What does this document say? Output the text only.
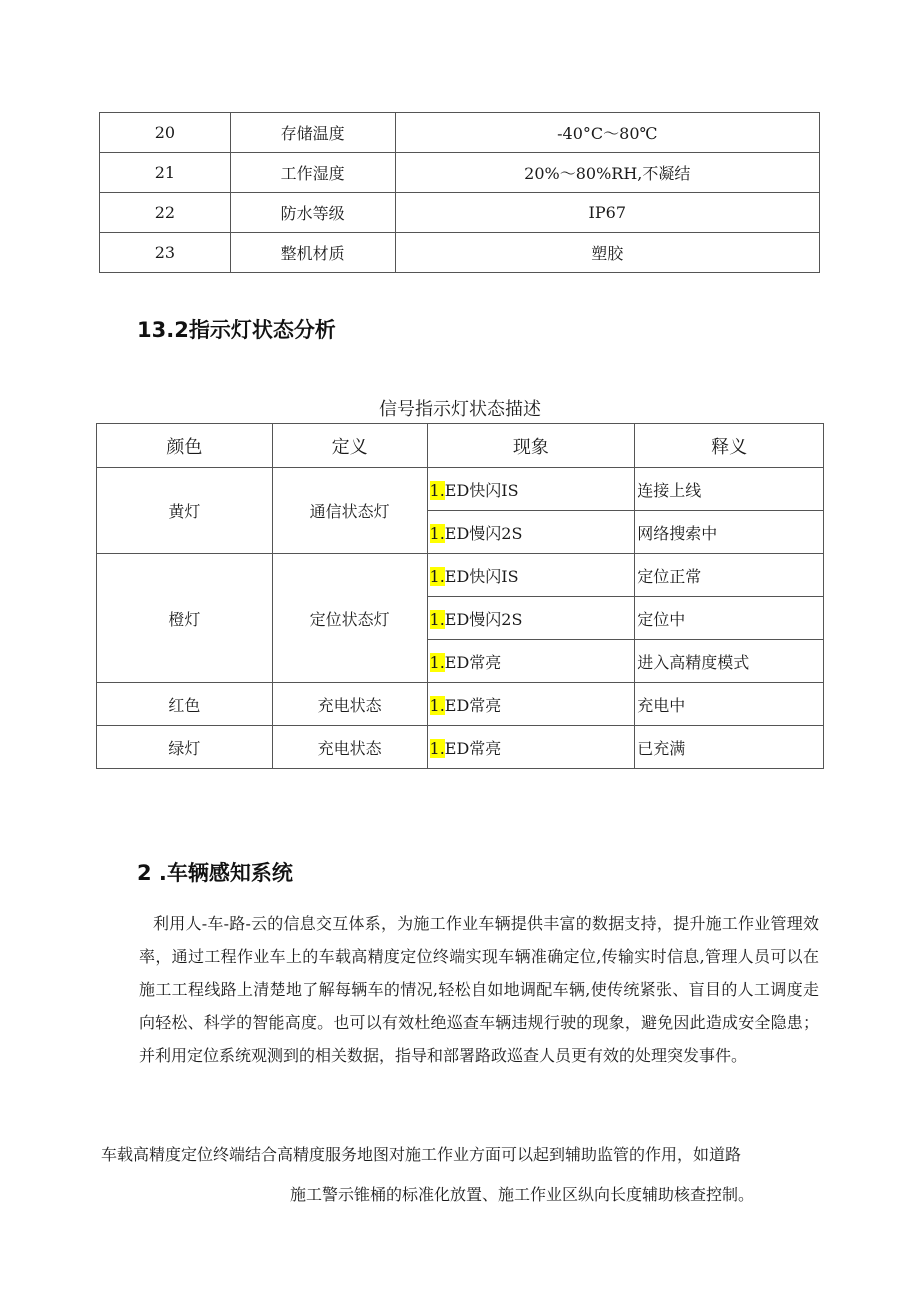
20	存储温度	-40°C～80℃
21	工作湿度	20%～80%RH,不凝结
22	防水等级	IP67
23	整机材质	塑胶
13.2指示灯状态分析
信号指示灯状态描述
颜色	定义	现象	释义
黄灯	通信状态灯	1.ED快闪IS	连接上线
		1.ED慢闪2S	网络搜索中
橙灯	定位状态灯	1.ED快闪IS	定位正常
		1.ED慢闪2S	定位中
		1.ED常亮	进入高精度模式
红色	充电状态	1.ED常亮	充电中
绿灯	充电状态	1.ED常亮	已充满
2 .车辆感知系统
利用人-车-路-云的信息交互体系，为施工作业车辆提供丰富的数据支持，提升施工作业管理效率，通过工程作业车上的车载高精度定位终端实现车辆准确定位,传输实时信息,管理人员可以在施工工程线路上清楚地了解每辆车的情况,轻松自如地调配车辆,使传统紧张、盲目的人工调度走向轻松、科学的智能高度。也可以有效杜绝巡查车辆违规行驶的现象，避免因此造成安全隐患；并利用定位系统观测到的相关数据，指导和部署路政巡查人员更有效的处理突发事件。
车载高精度定位终端结合高精度服务地图对施工作业方面可以起到辅助监管的作用，如道路
施工警示锥桶的标准化放置、施工作业区纵向长度辅助核查控制。
